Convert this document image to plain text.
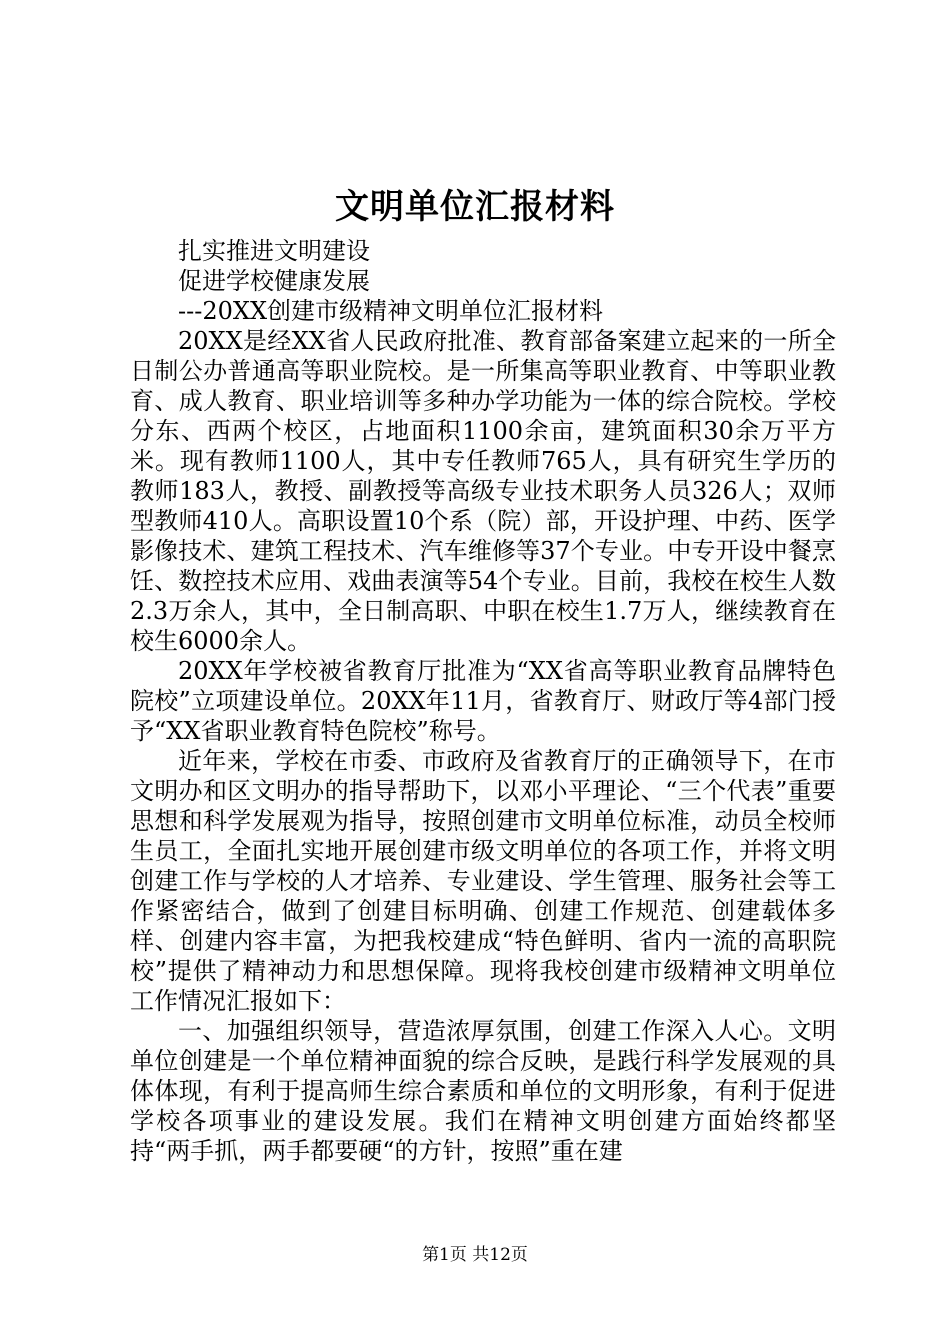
文明单位汇报材料

扎实推进文明建设

促进学校健康发展

---20XX创建市级精神文明单位汇报材料

20XX是经XX省人民政府批准、教育部备案建立起来的一所全日制公办普通高等职业院校。是一所集高等职业教育、中等职业教育、成人教育、职业培训等多种办学功能为一体的综合院校。学校分东、西两个校区，占地面积1100余亩，建筑面积30余万平方米。现有教师1100人，其中专任教师765人，具有研究生学历的教师183人，教授、副教授等高级专业技术职务人员326人；双师型教师410人。高职设置10个系（院）部，开设护理、中药、医学影像技术、建筑工程技术、汽车维修等37个专业。中专开设中餐烹饪、数控技术应用、戏曲表演等54个专业。目前，我校在校生人数2.3万余人，其中，全日制高职、中职在校生1.7万人，继续教育在校生6000余人。

20XX年学校被省教育厅批准为“XX省高等职业教育品牌特色院校”立项建设单位。20XX年11月，省教育厅、财政厅等4部门授予“XX省职业教育特色院校”称号。

近年来，学校在市委、市政府及省教育厅的正确领导下，在市文明办和区文明办的指导帮助下，以邓小平理论、“三个代表”重要思想和科学发展观为指导，按照创建市文明单位标准，动员全校师生员工，全面扎实地开展创建市级文明单位的各项工作，并将文明创建工作与学校的人才培养、专业建设、学生管理、服务社会等工作紧密结合，做到了创建目标明确、创建工作规范、创建载体多样、创建内容丰富，为把我校建成“特色鲜明、省内一流的高职院校”提供了精神动力和思想保障。现将我校创建市级精神文明单位工作情况汇报如下：

一、加强组织领导，营造浓厚氛围，创建工作深入人心。文明单位创建是一个单位精神面貌的综合反映，是践行科学发展观的具体体现，有利于提高师生综合素质和单位的文明形象，有利于促进学校各项事业的建设发展。我们在精神文明创建方面始终都坚持“两手抓，两手都要硬“的方针，按照”重在建

第1页 共12页
